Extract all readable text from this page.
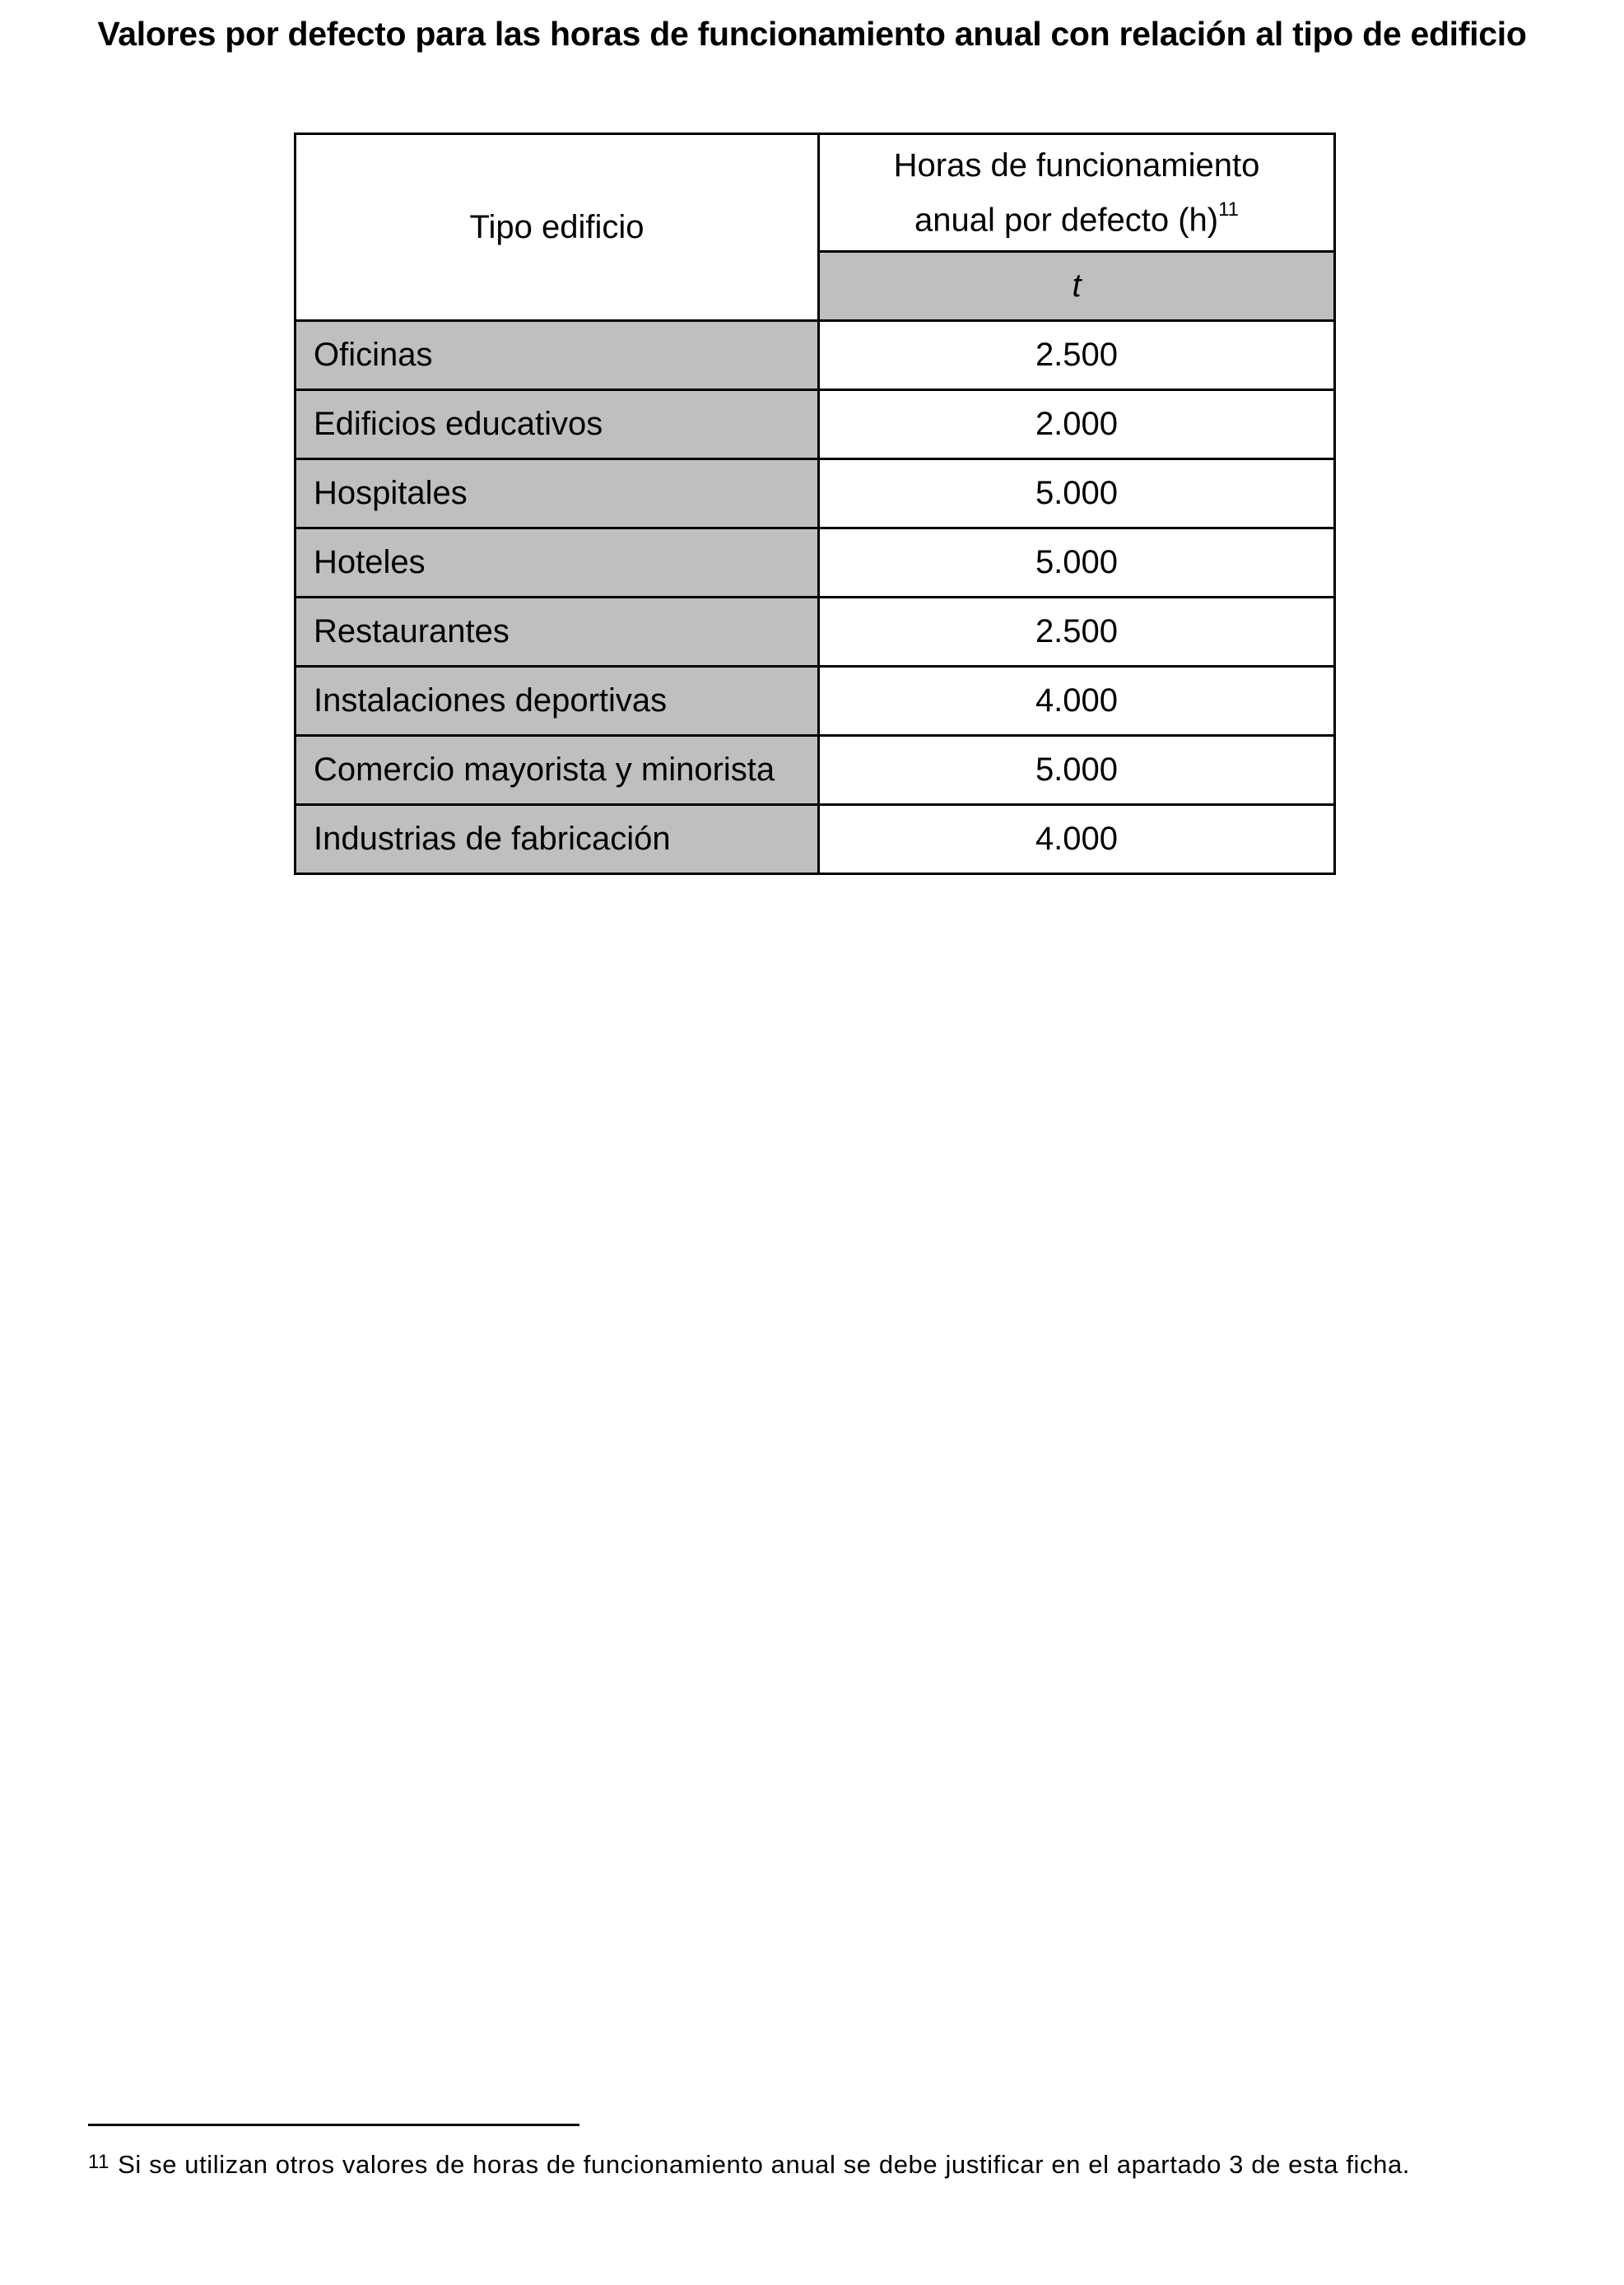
Valores por defecto para las horas de funcionamiento anual con relación al tipo de edificio
Tipo edificio	Horas de funcionamiento
anual por defecto $(h)^{11}$
	t
Oficinas	2.500
Edificios educativos	2.000
Hospitales	5.000
Hoteles	5.000
Restaurantes	2.500
Instalaciones deportivas	4.000
Comercio mayorista y minorista	5.000
Industrias de fabricación	4.000
$^{11}$ Si se utilizan otros valores de horas de funcionamiento anual se debe justificar en el apartado 3 de esta ficha.
